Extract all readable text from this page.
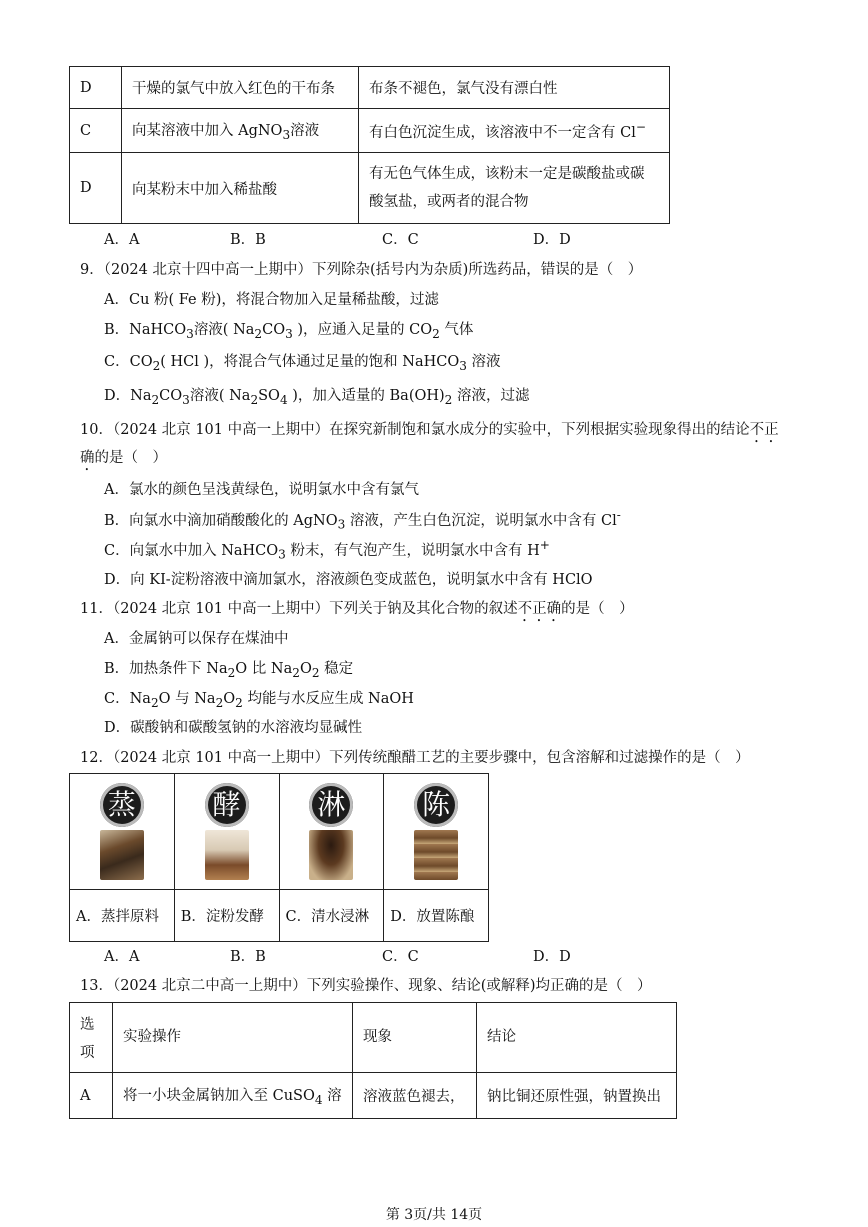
D	干燥的氯气中放入红色的干布条	布条不褪色，氯气没有漂白性
C	向某溶液中加入 AgNO$_3$溶液	有白色沉淀生成，该溶液中不一定含有 Cl−
D	向某粉末中加入稀盐酸	有无色气体生成，该粉末一定是碳酸盐或碳
酸氢盐，或两者的混合物
A．A	B．B	C．C	D．D
9．（2024 北京十四中高一上期中）下列除杂(括号内为杂质)所选药品，错误的是（　）
A．Cu 粉( Fe 粉)，将混合物加入足量稀盐酸，过滤
B．NaHCO$_3$溶液( $Na_2CO_3$ )，应通入足量的 $CO_2$ 气体
C．$CO_2$( HCl )，将混合气体通过足量的饱和 NaHCO$_3$ 溶液
D．$Na_2CO_3$溶液( $Na_2SO_4$ )，加入适量的 $Ba(OH)_2$ 溶液，过滤
10．（2024 北京 101 中高一上期中）在探究新制饱和氯水成分的实验中，下列根据实验现象得出的结论不正
确的是（　）
A．氯水的颜色呈浅黄绿色，说明氯水中含有氯气
B．向氯水中滴加硝酸酸化的 AgNO$_3$ 溶液，产生白色沉淀，说明氯水中含有 Cl-
C．向氯水中加入 NaHCO$_3$ 粉末，有气泡产生，说明氯水中含有 H+
D．向 KI-淀粉溶液中滴加氯水，溶液颜色变成蓝色，说明氯水中含有 HClO
11．（2024 北京 101 中高一上期中）下列关于钠及其化合物的叙述不正确的是（　）
A．金属钠可以保存在煤油中
B．加热条件下 $Na_2O$ 比 $Na_2O_2$ 稳定
C．$Na_2O$ 与 $Na_2O_2$ 均能与水反应生成 NaOH
D．碳酸钠和碳酸氢钠的水溶液均显碱性
12．（2024 北京 101 中高一上期中）下列传统酿醋工艺的主要步骤中，包含溶解和过滤操作的是（　）
蒸	酵	淋	陈

A．蒸拌原料	B．淀粉发酵	C．清水浸淋	D．放置陈酿
A．A	B．B	C．C	D．D
13．（2024 北京二中高一上期中）下列实验操作、现象、结论(或解释)均正确的是（　）
选
项	实验操作	现象	结论
A	将一小块金属钠加入至 CuSO$_4$ 溶	溶液蓝色褪去，	钠比铜还原性强，钠置换出
第 3页/共 14页
